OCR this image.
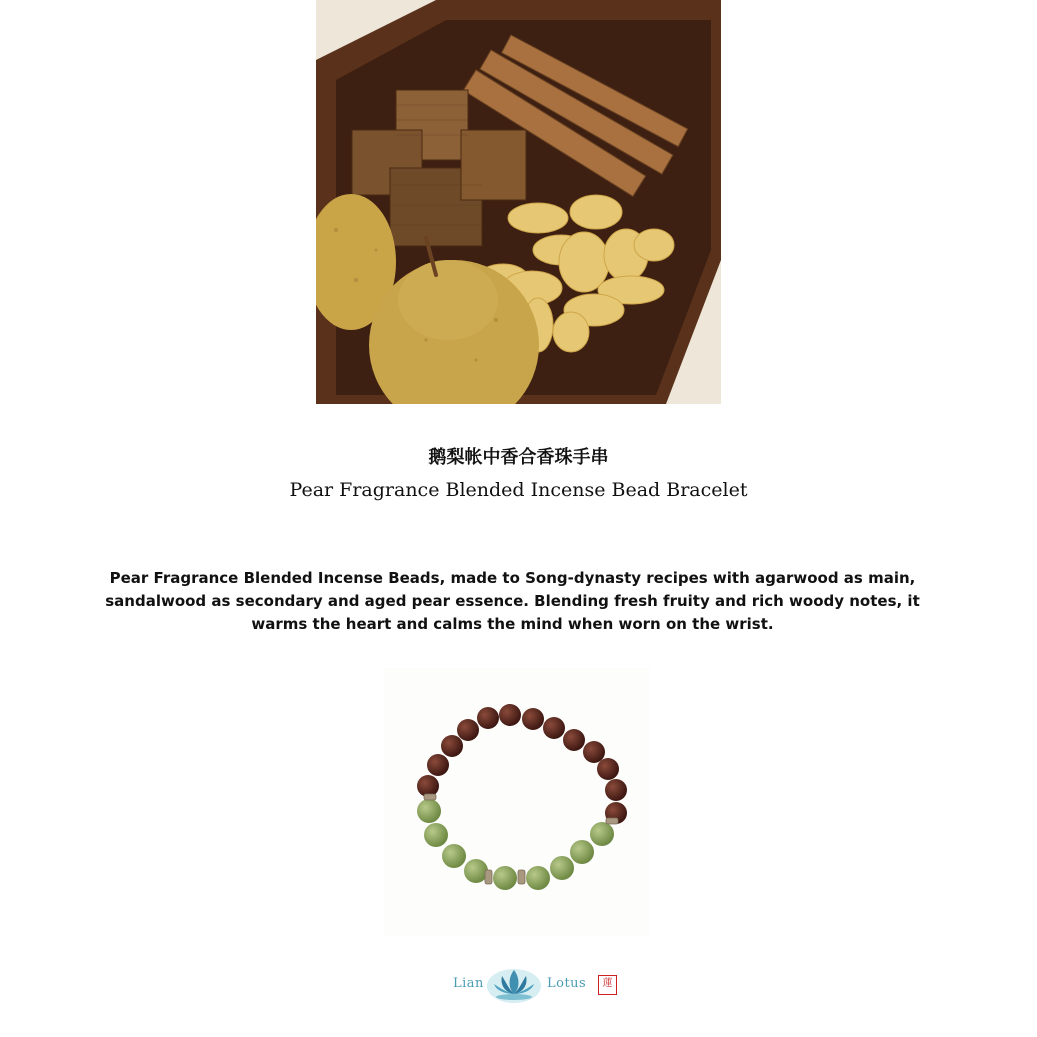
鹅梨帐中香合香珠手串
Pear Fragrance Blended Incense Bead Bracelet
Pear Fragrance Blended Incense Beads, made to Song-dynasty recipes with agarwood as main, sandalwood as secondary and aged pear essence. Blending fresh fruity and rich woody notes, it warms the heart and calms the mind when worn on the wrist.
Lian	Lotus	蓮
